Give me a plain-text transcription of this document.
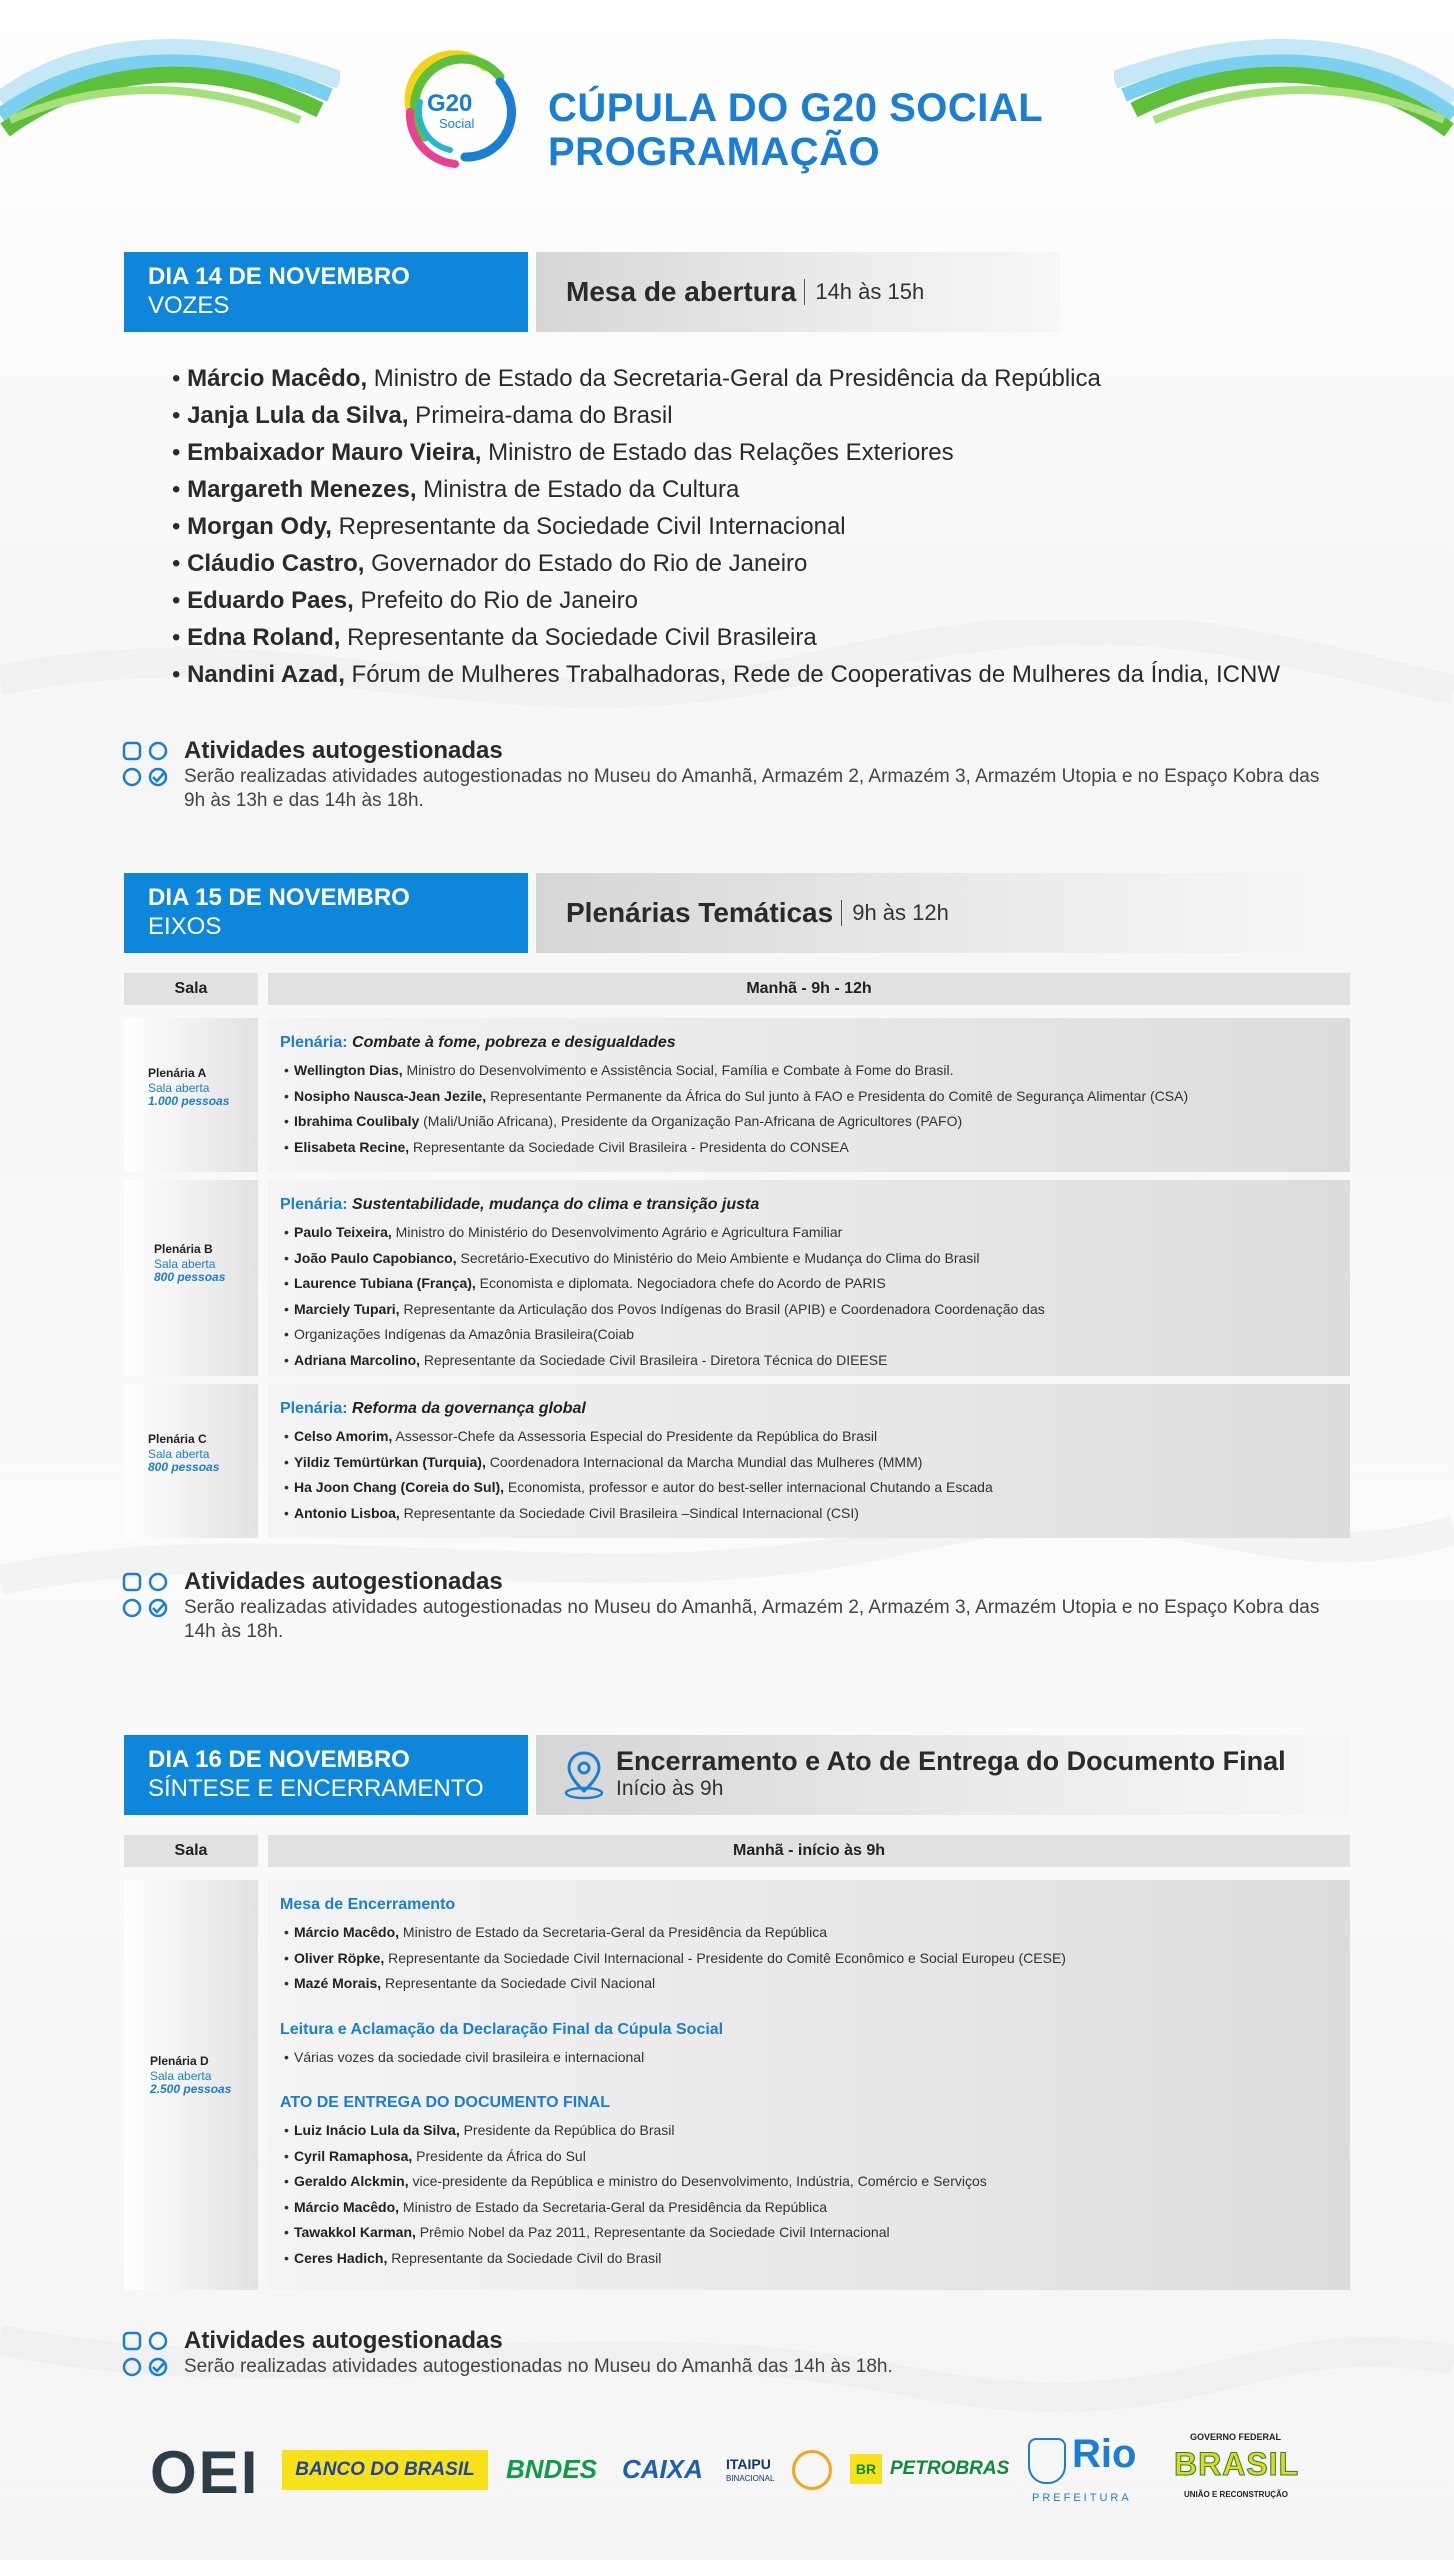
G20
Social CÚPULA DO G20 SOCIAL
PROGRAMAÇÃO
DIA 14 DE NOVEMBRO
VOZES	Mesa de abertura 14h às 15h
• Márcio Macêdo, Ministro de Estado da Secretaria-Geral da Presidência da República
• Janja Lula da Silva, Primeira-dama do Brasil
• Embaixador Mauro Vieira, Ministro de Estado das Relações Exteriores
• Margareth Menezes, Ministra de Estado da Cultura
• Morgan Ody, Representante da Sociedade Civil Internacional
• Cláudio Castro, Governador do Estado do Rio de Janeiro
• Eduardo Paes, Prefeito do Rio de Janeiro
• Edna Roland, Representante da Sociedade Civil Brasileira
• Nandini Azad, Fórum de Mulheres Trabalhadoras, Rede de Cooperativas de Mulheres da Índia, ICNW
Atividades autogestionadas
Serão realizadas atividades autogestionadas no Museu do Amanhã, Armazém 2, Armazém 3, Armazém Utopia e no Espaço Kobra das 9h às 13h e das 14h às 18h.
DIA 15 DE NOVEMBRO
EIXOS	Plenárias Temáticas 9h às 12h
Sala	Manhã - 9h - 12h
Plenária A
Sala aberta
1.000 pessoas
Plenária: Combate à fome, pobreza e desigualdades
• Wellington Dias, Ministro do Desenvolvimento e Assistência Social, Família e Combate à Fome do Brasil.
• Nosipho Nausca-Jean Jezile, Representante Permanente da África do Sul junto à FAO e Presidenta do Comitê de Segurança Alimentar (CSA)
• Ibrahima Coulibaly (Mali/União Africana), Presidente da Organização Pan-Africana de Agricultores (PAFO)
• Elisabeta Recine, Representante da Sociedade Civil Brasileira - Presidenta do CONSEA
Plenária B
Sala aberta
800 pessoas
Plenária: Sustentabilidade, mudança do clima e transição justa
• Paulo Teixeira, Ministro do Ministério do Desenvolvimento Agrário e Agricultura Familiar
• João Paulo Capobianco, Secretário-Executivo do Ministério do Meio Ambiente e Mudança do Clima do Brasil
• Laurence Tubiana (França), Economista e diplomata. Negociadora chefe do Acordo de PARIS
• Marciely Tupari, Representante da Articulação dos Povos Indígenas do Brasil (APIB) e Coordenadora Coordenação das
• Organizações Indígenas da Amazônia Brasileira(Coiab
• Adriana Marcolino, Representante da Sociedade Civil Brasileira - Diretora Técnica do DIEESE
Plenária C
Sala aberta
800 pessoas
Plenária: Reforma da governança global
• Celso Amorim, Assessor-Chefe da Assessoria Especial do Presidente da República do Brasil
• Yildiz Temürtürkan (Turquia), Coordenadora Internacional da Marcha Mundial das Mulheres (MMM)
• Ha Joon Chang (Coreia do Sul), Economista, professor e autor do best-seller internacional Chutando a Escada
• Antonio Lisboa, Representante da Sociedade Civil Brasileira –Sindical Internacional (CSI)
Atividades autogestionadas
Serão realizadas atividades autogestionadas no Museu do Amanhã, Armazém 2, Armazém 3, Armazém Utopia e no Espaço Kobra das 14h às 18h.
DIA 16 DE NOVEMBRO
SÍNTESE E ENCERRAMENTO
Encerramento e Ato de Entrega do Documento Final
Início às 9h
Sala	Manhã - início às 9h
Plenária D
Sala aberta
2.500 pessoas
Mesa de Encerramento
• Márcio Macêdo, Ministro de Estado da Secretaria-Geral da Presidência da República
• Oliver Röpke, Representante da Sociedade Civil Internacional - Presidente do Comitê Econômico e Social Europeu (CESE)
• Mazé Morais, Representante da Sociedade Civil Nacional
Leitura e Aclamação da Declaração Final da Cúpula Social
• Várias vozes da sociedade civil brasileira e internacional
ATO DE ENTREGA DO DOCUMENTO FINAL
• Luiz Inácio Lula da Silva, Presidente da República do Brasil
• Cyril Ramaphosa, Presidente da África do Sul
• Geraldo Alckmin, vice-presidente da República e ministro do Desenvolvimento, Indústria, Comércio e Serviços
• Márcio Macêdo, Ministro de Estado da Secretaria-Geral da Presidência da República
• Tawakkol Karman, Prêmio Nobel da Paz 2011, Representante da Sociedade Civil Internacional
• Ceres Hadich, Representante da Sociedade Civil do Brasil
Atividades autogestionadas
Serão realizadas atividades autogestionadas no Museu do Amanhã das 14h às 18h.
OEI BANCO DO BRASIL BNDES CAIXA ITAIPU
BINACIONAL
BR PETROBRAS Rio
PREFEITURA
GOVERNO FEDERAL
BRASIL
UNIÃO E RECONSTRUÇÃO
